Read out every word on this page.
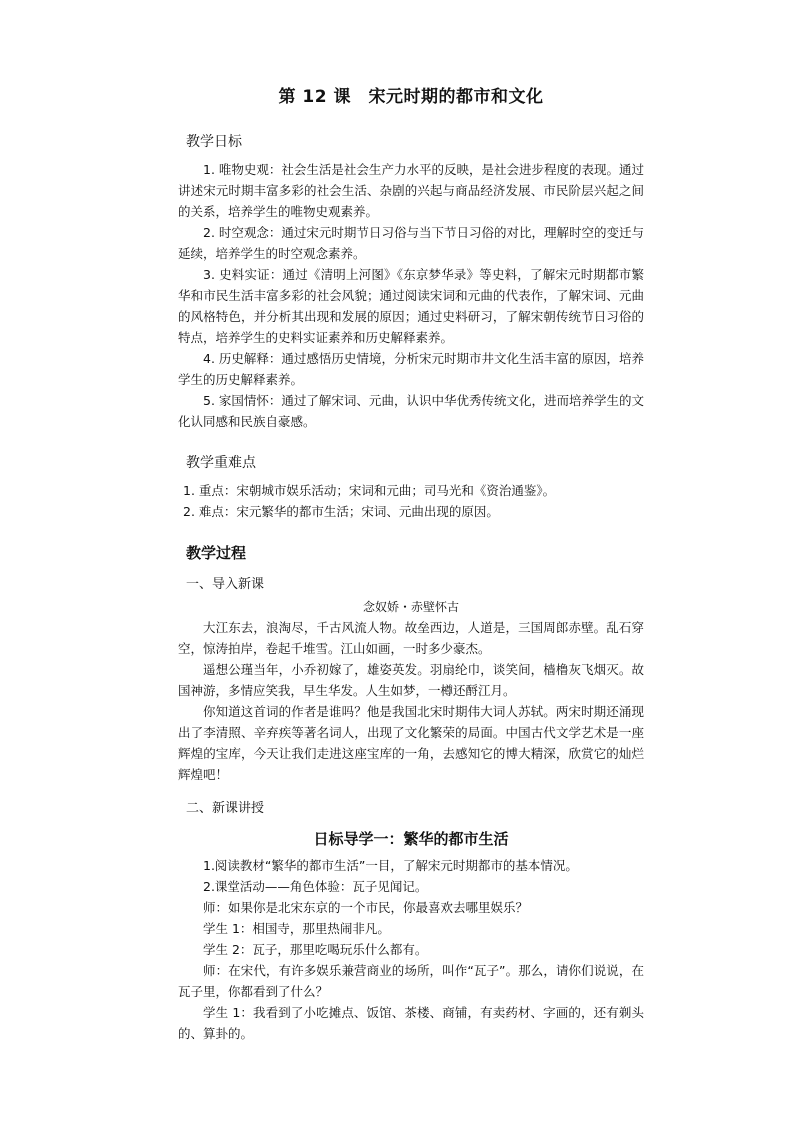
第 12 课　宋元时期的都市和文化
教学日标

1. 唯物史观：社会生活是社会生产力水平的反映，是社会进步程度的表现。通过讲述宋元时期丰富多彩的社会生活、杂剧的兴起与商品经济发展、市民阶层兴起之间的关系，培养学生的唯物史观素养。

2. 时空观念：通过宋元时期节日习俗与当下节日习俗的对比，理解时空的变迁与延续，培养学生的时空观念素养。

3. 史料实证：通过《清明上河图》《东京梦华录》等史料，了解宋元时期都市繁华和市民生活丰富多彩的社会风貌；通过阅读宋词和元曲的代表作，了解宋词、元曲的风格特色，并分析其出现和发展的原因；通过史料研习，了解宋朝传统节日习俗的特点，培养学生的史料实证素养和历史解释素养。

4. 历史解释：通过感悟历史情境，分析宋元时期市井文化生活丰富的原因，培养学生的历史解释素养。

5. 家国情怀：通过了解宋词、元曲，认识中华优秀传统文化，进而培养学生的文化认同感和民族自豪感。

教学重难点

1. 重点：宋朝城市娱乐活动；宋词和元曲；司马光和《资治通鉴》。

2. 难点：宋元繁华的都市生活；宋词、元曲出现的原因。

教学过程
一、导入新课
念奴娇・赤壁怀古

大江东去，浪淘尽，千古风流人物。故垒西边，人道是，三国周郎赤壁。乱石穿空，惊涛拍岸，卷起千堆雪。江山如画，一时多少豪杰。

遥想公瑾当年，小乔初嫁了，雄姿英发。羽扇纶巾，谈笑间，樯橹灰飞烟灭。故国神游，多情应笑我，早生华发。人生如梦，一樽还酹江月。

你知道这首词的作者是谁吗？他是我国北宋时期伟大词人苏轼。两宋时期还涌现出了李清照、辛弃疾等著名词人，出现了文化繁荣的局面。中国古代文学艺术是一座辉煌的宝库，今天让我们走进这座宝库的一角，去感知它的博大精深，欣赏它的灿烂辉煌吧！

二、新课讲授
日标导学一：繁华的都市生活

1.阅读教材“繁华的都市生活”一目，了解宋元时期都市的基本情况。

2.课堂活动——角色体验：瓦子见闻记。

师：如果你是北宋东京的一个市民，你最喜欢去哪里娱乐？

学生 1：相国寺，那里热闹非凡。

学生 2：瓦子，那里吃喝玩乐什么都有。

师：在宋代，有许多娱乐兼营商业的场所，叫作“瓦子”。那么，请你们说说，在瓦子里，你都看到了什么？

学生 1：我看到了小吃摊点、饭馆、茶楼、商铺，有卖药材、字画的，还有剃头的、算卦的。
